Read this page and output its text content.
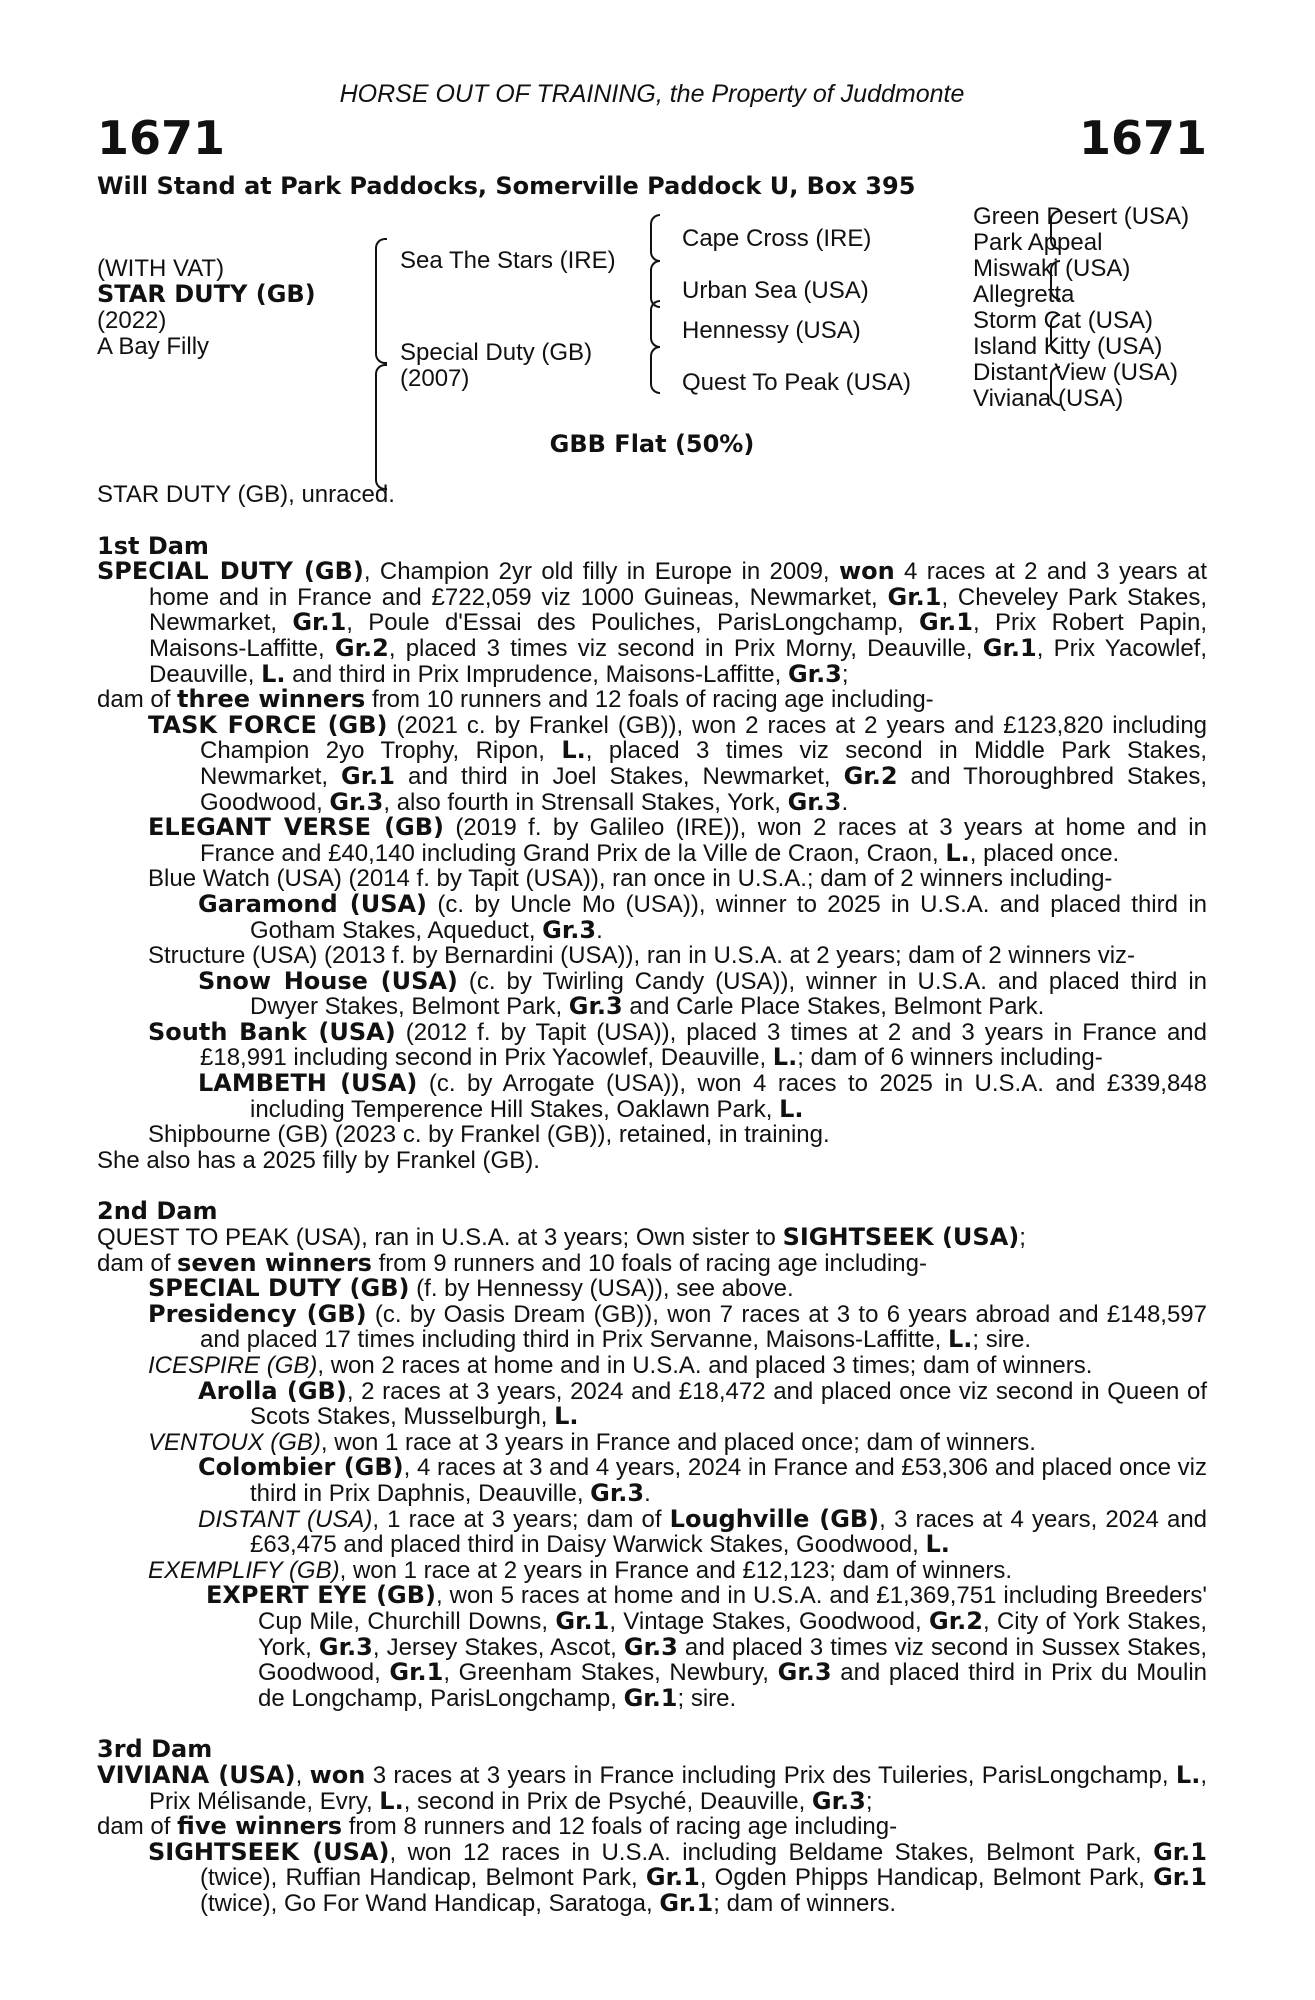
HORSE OUT OF TRAINING, the Property of Juddmonte
1671	1671
Will Stand at Park Paddocks, Somerville Paddock U, Box 395
(WITH VAT)
STAR DUTY (GB)
(2022)
A Bay Filly
Sea The Stars (IRE)
Special Duty (GB)
(2007)
Cape Cross (IRE)
Urban Sea (USA)
Hennessy (USA)
Quest To Peak (USA)
Green Desert (USA)
Park Appeal
Miswaki (USA)
Allegretta
Storm Cat (USA)
Island Kitty (USA)
Distant View (USA)
Viviana (USA)
GBB Flat (50%)

STAR DUTY (GB), unraced.

1st Dam

SPECIAL DUTY (GB), Champion 2yr old filly in Europe in 2009, won 4 races at 2 and 3 years at home and in France and £722,059 viz 1000 Guineas, Newmarket, Gr.1, Cheveley Park Stakes, Newmarket, Gr.1, Poule d'Essai des Pouliches, ParisLongchamp, Gr.1, Prix Robert Papin, Maisons-Laffitte, Gr.2, placed 3 times viz second in Prix Morny, Deauville, Gr.1, Prix Yacowlef, Deauville, L. and third in Prix Imprudence, Maisons-Laffitte, Gr.3;

dam of three winners from 10 runners and 12 foals of racing age including-

TASK FORCE (GB) (2021 c. by Frankel (GB)), won 2 races at 2 years and £123,820 including Champion 2yo Trophy, Ripon, L., placed 3 times viz second in Middle Park Stakes, Newmarket, Gr.1 and third in Joel Stakes, Newmarket, Gr.2 and Thoroughbred Stakes, Goodwood, Gr.3, also fourth in Strensall Stakes, York, Gr.3.

ELEGANT VERSE (GB) (2019 f. by Galileo (IRE)), won 2 races at 3 years at home and in France and £40,140 including Grand Prix de la Ville de Craon, Craon, L., placed once.

Blue Watch (USA) (2014 f. by Tapit (USA)), ran once in U.S.A.; dam of 2 winners including-

Garamond (USA) (c. by Uncle Mo (USA)), winner to 2025 in U.S.A. and placed third in Gotham Stakes, Aqueduct, Gr.3.

Structure (USA) (2013 f. by Bernardini (USA)), ran in U.S.A. at 2 years; dam of 2 winners viz-

Snow House (USA) (c. by Twirling Candy (USA)), winner in U.S.A. and placed third in Dwyer Stakes, Belmont Park, Gr.3 and Carle Place Stakes, Belmont Park.

South Bank (USA) (2012 f. by Tapit (USA)), placed 3 times at 2 and 3 years in France and £18,991 including second in Prix Yacowlef, Deauville, L.; dam of 6 winners including-

LAMBETH (USA) (c. by Arrogate (USA)), won 4 races to 2025 in U.S.A. and £339,848 including Temperence Hill Stakes, Oaklawn Park, L.

Shipbourne (GB) (2023 c. by Frankel (GB)), retained, in training.

She also has a 2025 filly by Frankel (GB).

2nd Dam

QUEST TO PEAK (USA), ran in U.S.A. at 3 years; Own sister to SIGHTSEEK (USA);

dam of seven winners from 9 runners and 10 foals of racing age including-

SPECIAL DUTY (GB) (f. by Hennessy (USA)), see above.

Presidency (GB) (c. by Oasis Dream (GB)), won 7 races at 3 to 6 years abroad and £148,597 and placed 17 times including third in Prix Servanne, Maisons-Laffitte, L.; sire.

ICESPIRE (GB), won 2 races at home and in U.S.A. and placed 3 times; dam of winners.

Arolla (GB), 2 races at 3 years, 2024 and £18,472 and placed once viz second in Queen of Scots Stakes, Musselburgh, L.

VENTOUX (GB), won 1 race at 3 years in France and placed once; dam of winners.

Colombier (GB), 4 races at 3 and 4 years, 2024 in France and £53,306 and placed once viz third in Prix Daphnis, Deauville, Gr.3.

DISTANT (USA), 1 race at 3 years; dam of Loughville (GB), 3 races at 4 years, 2024 and £63,475 and placed third in Daisy Warwick Stakes, Goodwood, L.

EXEMPLIFY (GB), won 1 race at 2 years in France and £12,123; dam of winners.

EXPERT EYE (GB), won 5 races at home and in U.S.A. and £1,369,751 including Breeders' Cup Mile, Churchill Downs, Gr.1, Vintage Stakes, Goodwood, Gr.2, City of York Stakes, York, Gr.3, Jersey Stakes, Ascot, Gr.3 and placed 3 times viz second in Sussex Stakes, Goodwood, Gr.1, Greenham Stakes, Newbury, Gr.3 and placed third in Prix du Moulin de Longchamp, ParisLongchamp, Gr.1; sire.

3rd Dam

VIVIANA (USA), won 3 races at 3 years in France including Prix des Tuileries, ParisLongchamp, L., Prix Mélisande, Evry, L., second in Prix de Psyché, Deauville, Gr.3;

dam of five winners from 8 runners and 12 foals of racing age including-

SIGHTSEEK (USA), won 12 races in U.S.A. including Beldame Stakes, Belmont Park, Gr.1 (twice), Ruffian Handicap, Belmont Park, Gr.1, Ogden Phipps Handicap, Belmont Park, Gr.1 (twice), Go For Wand Handicap, Saratoga, Gr.1; dam of winners.
